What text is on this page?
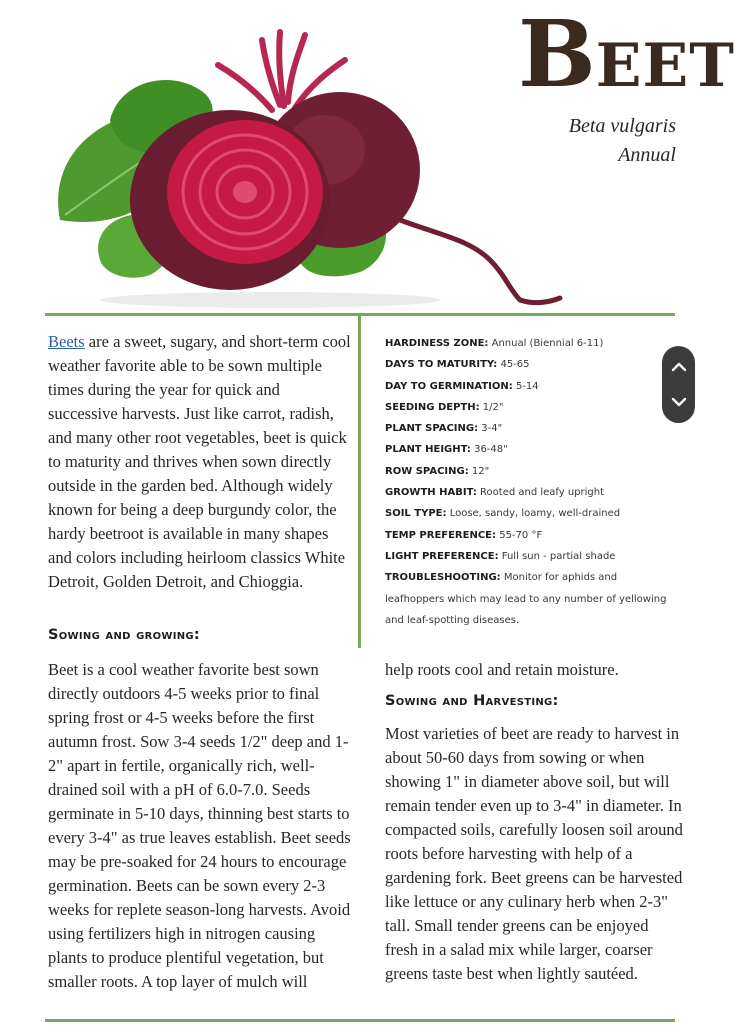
BEET
Beta vulgaris
Annual

Beets are a sweet, sugary, and short-term cool weather favorite able to be sown multiple times during the year for quick and successive harvests. Just like carrot, radish, and many other root vegetables, beet is quick to maturity and thrives when sown directly outside in the garden bed. Although widely known for being a deep burgundy color, the hardy beetroot is available in many shapes and colors including heirloom classics White Detroit, Golden Detroit, and Chioggia.

HARDINESS ZONE: Annual (Biennial 6-11)
DAYS TO MATURITY: 45-65
DAY TO GERMINATION: 5-14
SEEDING DEPTH: 1/2"
PLANT SPACING: 3-4"
PLANT HEIGHT: 36-48"
ROW SPACING: 12"
GROWTH HABIT: Rooted and leafy upright
SOIL TYPE: Loose, sandy, loamy, well-drained
TEMP PREFERENCE: 55-70 °F
LIGHT PREFERENCE: Full sun - partial shade
TROUBLESHOOTING: Monitor for aphids and leafhoppers which may lead to any number of yellowing and leaf-spotting diseases.
Sowing and growing:

Beet is a cool weather favorite best sown directly outdoors 4-5 weeks prior to final spring frost or 4-5 weeks before the first autumn frost. Sow 3-4 seeds 1/2" deep and 1-2" apart in fertile, organically rich, well-drained soil with a pH of 6.0-7.0. Seeds germinate in 5-10 days, thinning best starts to every 3-4" as true leaves establish. Beet seeds may be pre-soaked for 24 hours to encourage germination. Beets can be sown every 2-3 weeks for replete season-long harvests. Avoid using fertilizers high in nitrogen causing plants to produce plentiful vegetation, but smaller roots. A top layer of mulch will

help roots cool and retain moisture.

Sowing and Harvesting:

Most varieties of beet are ready to harvest in about 50-60 days from sowing or when showing 1" in diameter above soil, but will remain tender even up to 3-4" in diameter. In compacted soils, carefully loosen soil around roots before harvesting with help of a gardening fork. Beet greens can be harvested like lettuce or any culinary herb when 2-3" tall. Small tender greens can be enjoyed fresh in a salad mix while larger, coarser greens taste best when lightly sautéed.
